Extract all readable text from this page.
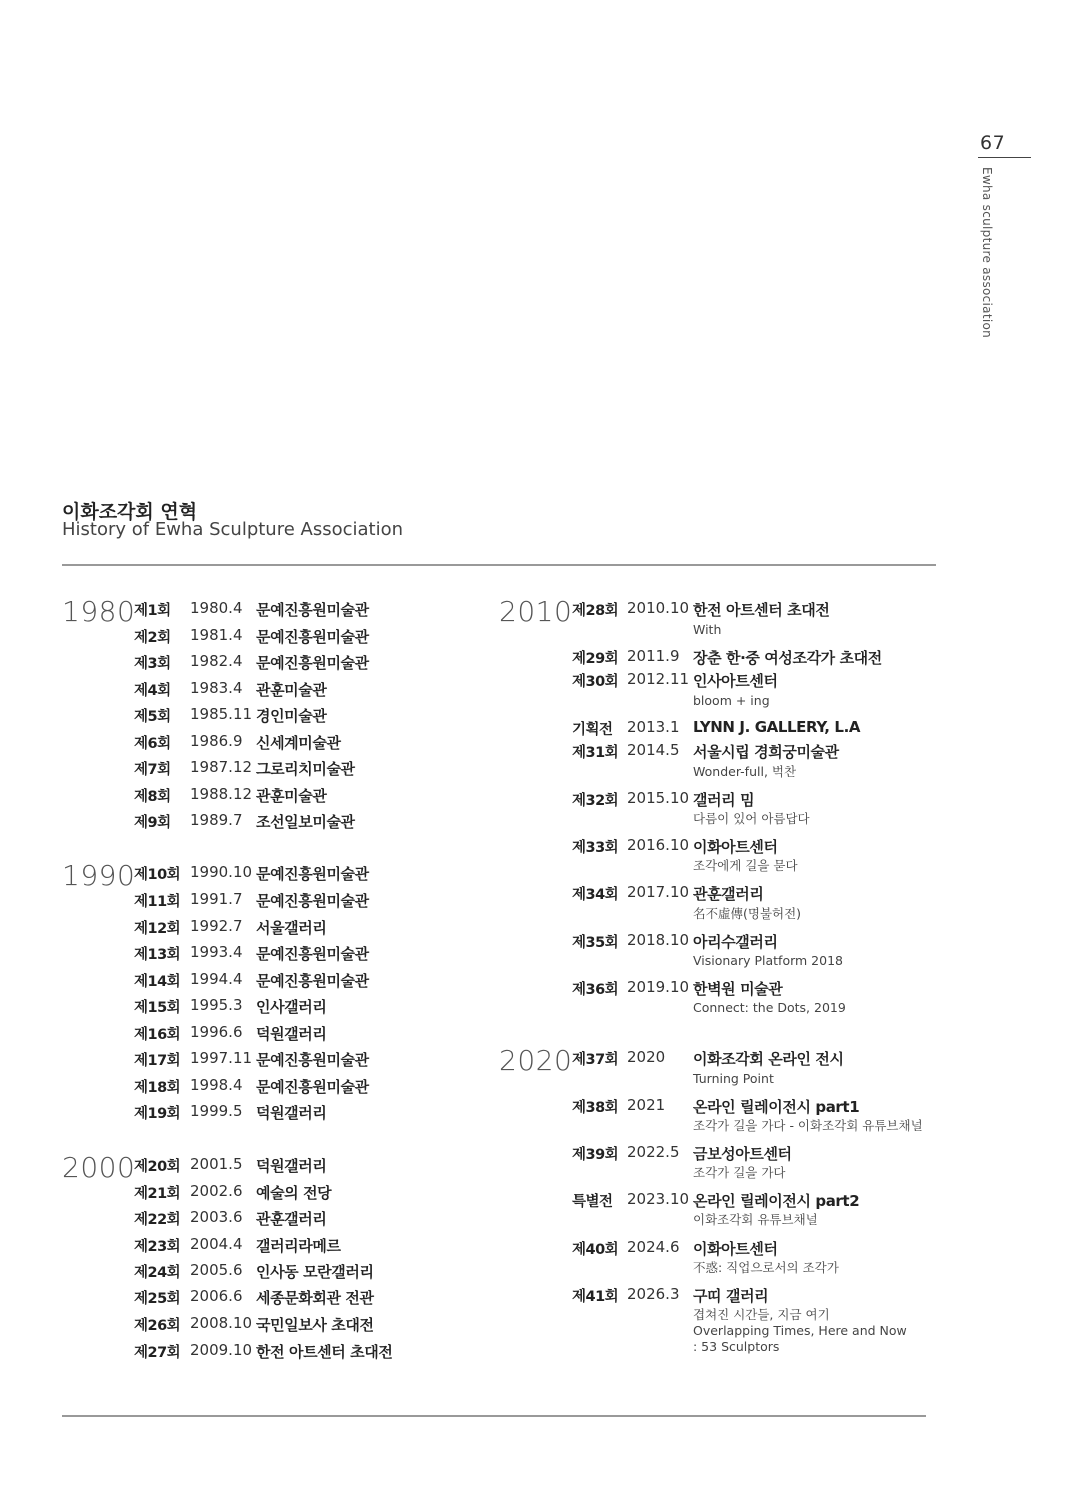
67
Ewha sculpture association
이화조각회 연혁
History of Ewha Sculpture Association
1980
제1회 1980.4 문예진흥원미술관
제2회 1981.4 문예진흥원미술관
제3회 1982.4 문예진흥원미술관
제4회 1983.4 관훈미술관
제5회 1985.11 경인미술관
제6회 1986.9 신세계미술관
제7회 1987.12 그로리치미술관
제8회 1988.12 관훈미술관
제9회 1989.7 조선일보미술관
1990
제10회 1990.10 문예진흥원미술관
제11회 1991.7 문예진흥원미술관
제12회 1992.7 서울갤러리
제13회 1993.4 문예진흥원미술관
제14회 1994.4 문예진흥원미술관
제15회 1995.3 인사갤러리
제16회 1996.6 덕원갤러리
제17회 1997.11 문예진흥원미술관
제18회 1998.4 문예진흥원미술관
제19회 1999.5 덕원갤러리
2000
제20회 2001.5 덕원갤러리
제21회 2002.6 예술의 전당
제22회 2003.6 관훈갤러리
제23회 2004.4 갤러리라메르
제24회 2005.6 인사동 모란갤러리
제25회 2006.6 세종문화회관 전관
제26회 2008.10 국민일보사 초대전
제27회 2009.10 한전 아트센터 초대전
2010 제28회 2010.10 한전 아트센터 초대전
With
제29회 2011.9 장춘 한·중 여성조각가 초대전
제30회 2012.11 인사아트센터
bloom + ing
기획전 2013.1 LYNN J. GALLERY, L.A
제31회 2014.5 서울시립 경희궁미술관
Wonder-full, 벅찬
제32회 2015.10 갤러리 밈
다름이 있어 아름답다
제33회 2016.10 이화아트센터
조각에게 길을 묻다
제34회 2017.10 관훈갤러리
名不虛傳(명불허전)
제35회 2018.10 아리수갤러리
Visionary Platform 2018
제36회 2019.10 한벽원 미술관
Connect: the Dots, 2019
2020 제37회 2020 이화조각회 온라인 전시
Turning Point
제38회 2021 온라인 릴레이전시 part1
조각가 길을 가다 - 이화조각회 유튜브채널
제39회 2022.5 금보성아트센터
조각가 길을 가다
특별전 2023.10 온라인 릴레이전시 part2
이화조각회 유튜브채널
제40회 2024.6 이화아트센터
不惑: 직업으로서의 조각가
제41회 2026.3 구띠 갤러리
겹쳐진 시간들, 지금 여기
Overlapping Times, Here and Now
: 53 Sculptors
